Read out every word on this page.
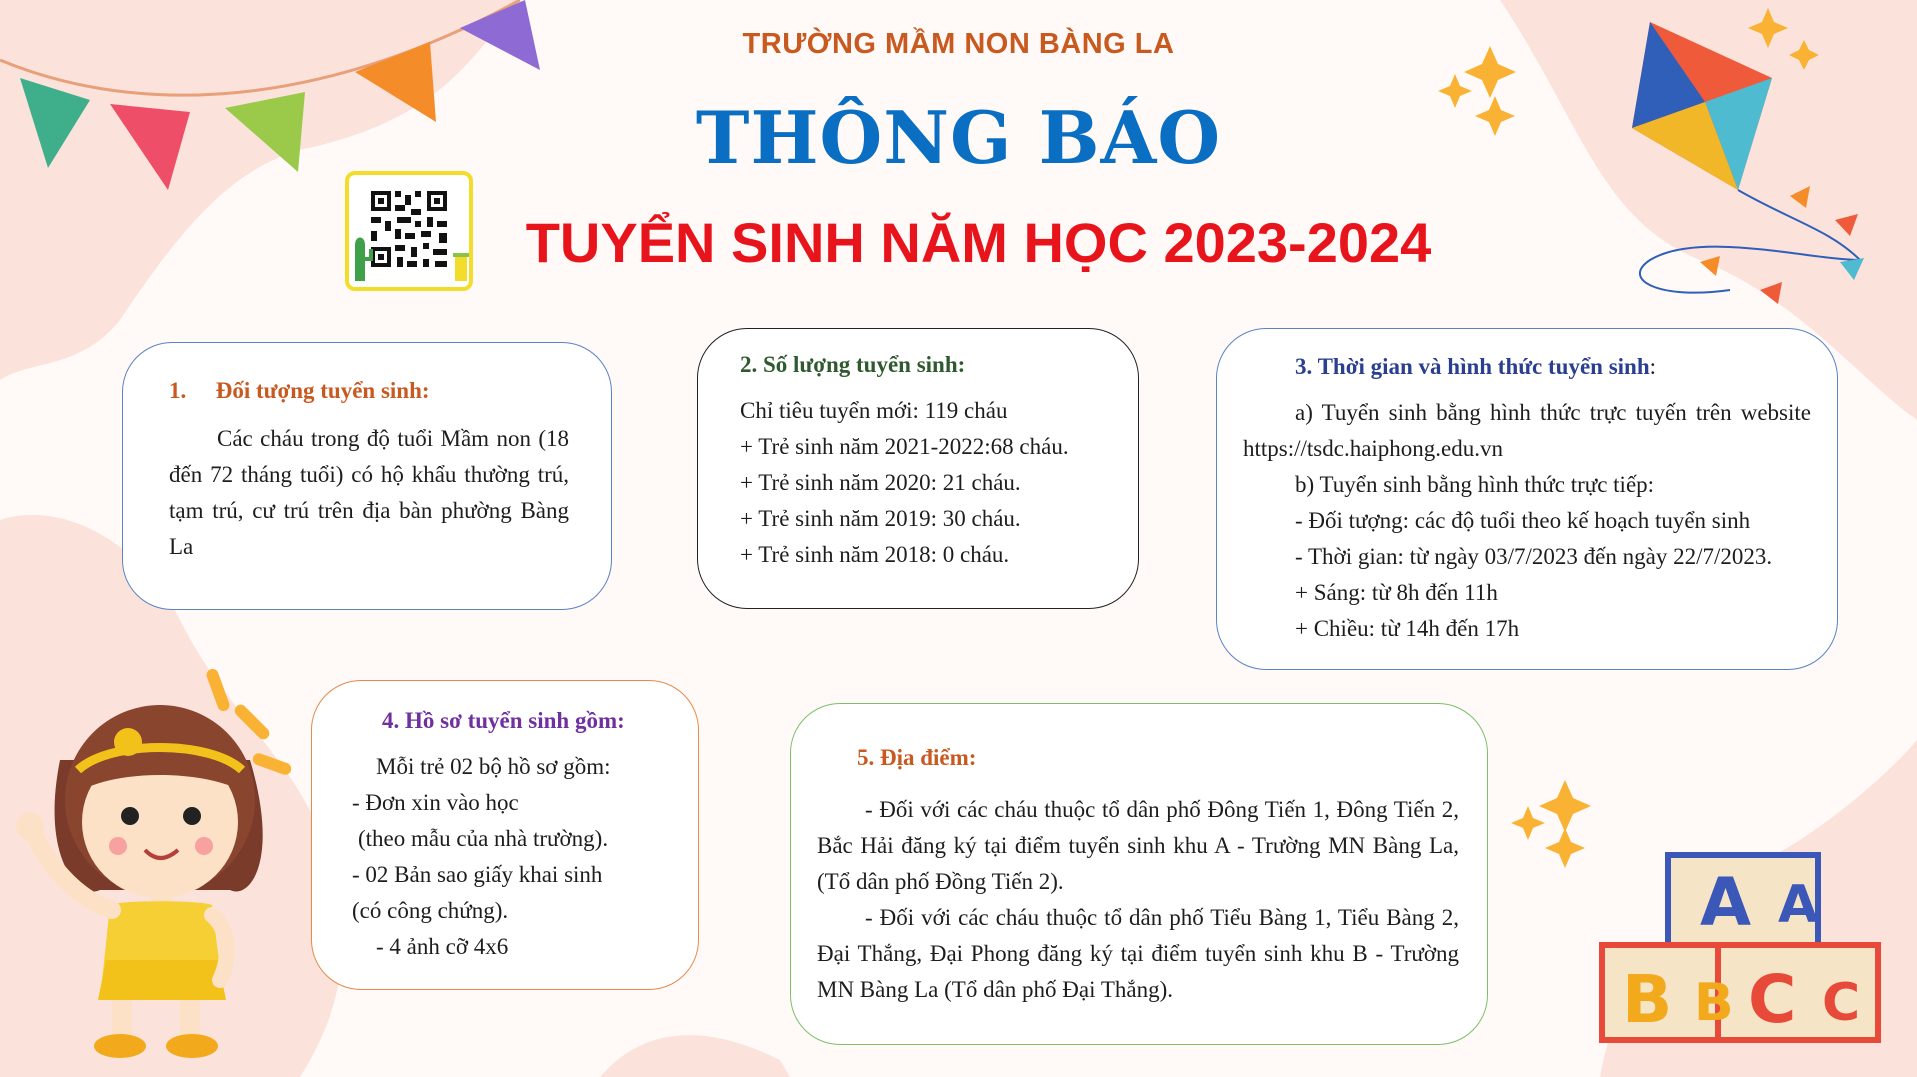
A A
B B C C
TRƯỜNG MẦM NON BÀNG LA
THÔNG BÁO
TUYỂN SINH NĂM HỌC 2023-2024
1. Đối tượng tuyển sinh:

Các cháu trong độ tuổi Mầm non (18 đến 72 tháng tuổi) có hộ khẩu thường trú, tạm trú, cư trú trên địa bàn phường Bàng La

2. Số lượng tuyển sinh:

Chỉ tiêu tuyển mới: 119 cháu

+ Trẻ sinh năm 2021-2022:68 cháu.

+ Trẻ sinh năm 2020: 21 cháu.

+ Trẻ sinh năm 2019: 30 cháu.

+ Trẻ sinh năm 2018: 0 cháu.

3. Thời gian và hình thức tuyển sinh:

a) Tuyển sinh bằng hình thức trực tuyến trên website https://tsdc.haiphong.edu.vn

b) Tuyển sinh bằng hình thức trực tiếp:

- Đối tượng: các độ tuổi theo kế hoạch tuyển sinh

- Thời gian: từ ngày 03/7/2023 đến ngày 22/7/2023.

+ Sáng: từ 8h đến 11h

+ Chiều: từ 14h đến 17h

4. Hồ sơ tuyển sinh gồm:

Mỗi trẻ 02 bộ hồ sơ gồm:

- Đơn xin vào học

(theo mẫu của nhà trường).

- 02 Bản sao giấy khai sinh

(có công chứng).

- 4 ảnh cỡ 4x6

5. Địa điểm:

- Đối với các cháu thuộc tổ dân phố Đông Tiến 1, Đông Tiến 2, Bắc Hải đăng ký tại điểm tuyển sinh khu A - Trường MN Bàng La, (Tổ dân phố Đồng Tiến 2).

- Đối với các cháu thuộc tổ dân phố Tiểu Bàng 1, Tiểu Bàng 2, Đại Thắng, Đại Phong đăng ký tại điểm tuyển sinh khu B - Trường MN Bàng La (Tổ dân phố Đại Thắng).
